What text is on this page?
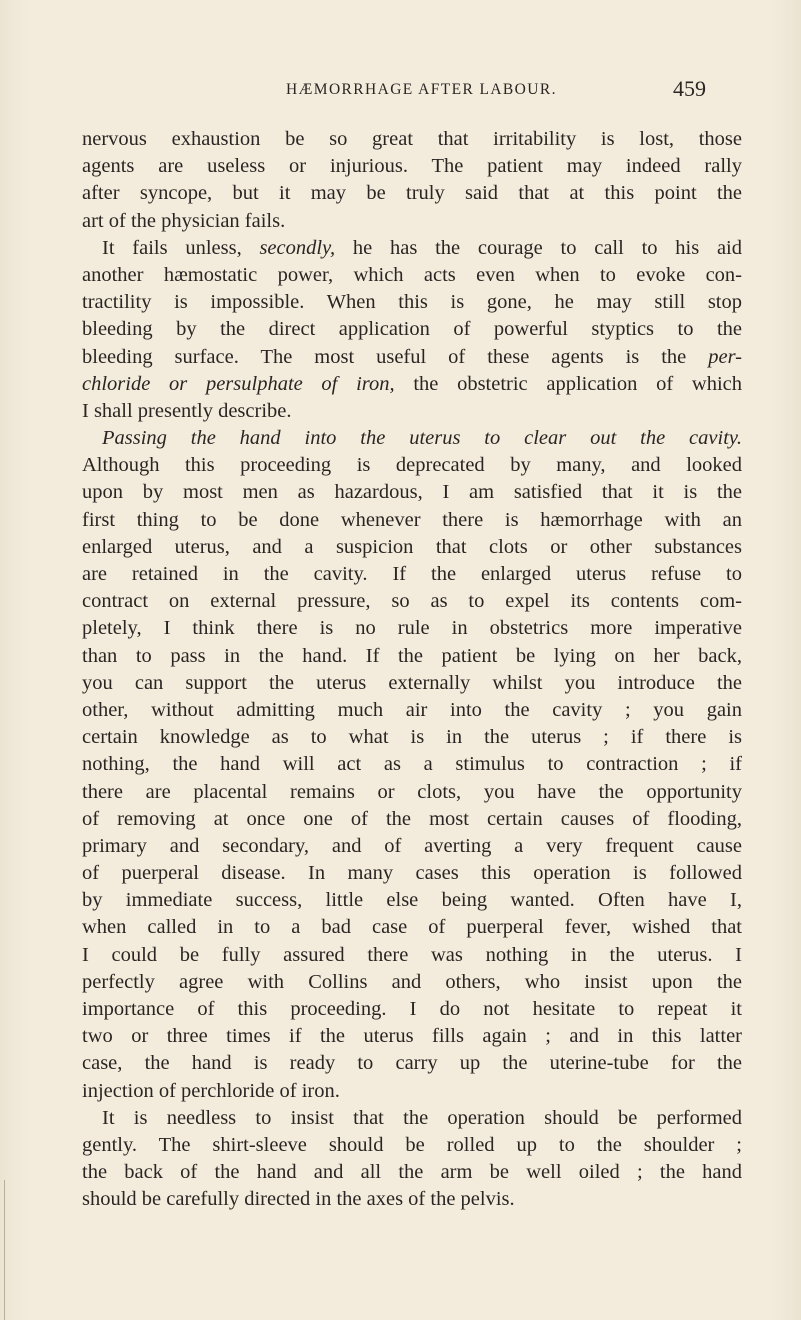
HÆMORRHAGE AFTER LABOUR.	459
nervous exhaustion be so great that irritability is lost, those
agents are useless or injurious. The patient may indeed rally
after syncope, but it may be truly said that at this point the
art of the physician fails.
It fails unless, secondly, he has the courage to call to his aid
another hæmostatic power, which acts even when to evoke con-
tractility is impossible. When this is gone, he may still stop
bleeding by the direct application of powerful styptics to the
bleeding surface. The most useful of these agents is the per-
chloride or persulphate of iron, the obstetric application of which
I shall presently describe.
Passing the hand into the uterus to clear out the cavity.
Although this proceeding is deprecated by many, and looked
upon by most men as hazardous, I am satisfied that it is the
first thing to be done whenever there is hæmorrhage with an
enlarged uterus, and a suspicion that clots or other substances
are retained in the cavity. If the enlarged uterus refuse to
contract on external pressure, so as to expel its contents com-
pletely, I think there is no rule in obstetrics more imperative
than to pass in the hand. If the patient be lying on her back,
you can support the uterus externally whilst you introduce the
other, without admitting much air into the cavity ; you gain
certain knowledge as to what is in the uterus ; if there is
nothing, the hand will act as a stimulus to contraction ; if
there are placental remains or clots, you have the opportunity
of removing at once one of the most certain causes of flooding,
primary and secondary, and of averting a very frequent cause
of puerperal disease. In many cases this operation is followed
by immediate success, little else being wanted. Often have I,
when called in to a bad case of puerperal fever, wished that
I could be fully assured there was nothing in the uterus. I
perfectly agree with Collins and others, who insist upon the
importance of this proceeding. I do not hesitate to repeat it
two or three times if the uterus fills again ; and in this latter
case, the hand is ready to carry up the uterine-tube for the
injection of perchloride of iron.
It is needless to insist that the operation should be performed
gently. The shirt-sleeve should be rolled up to the shoulder ;
the back of the hand and all the arm be well oiled ; the hand
should be carefully directed in the axes of the pelvis.
